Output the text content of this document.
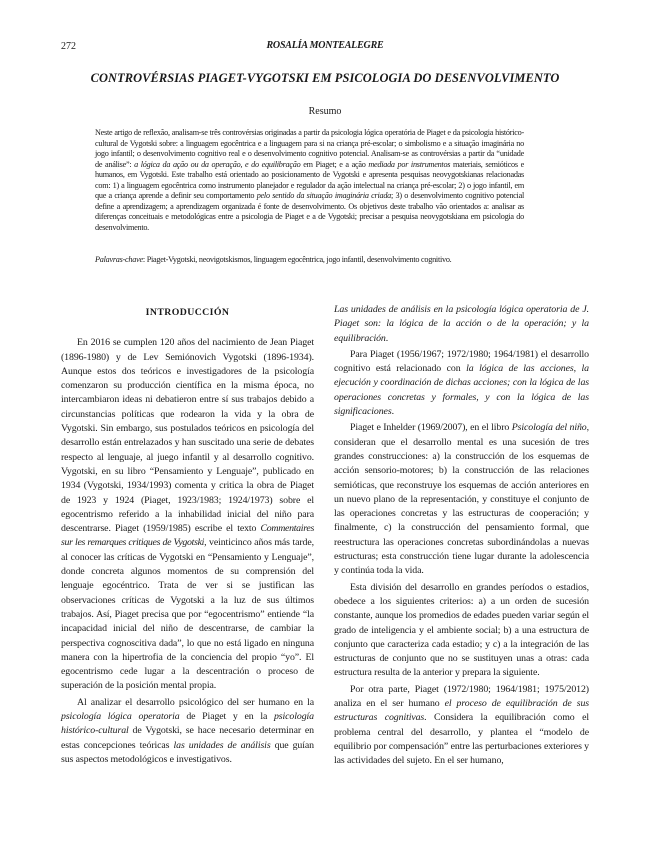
272	ROSALÍA MONTEALEGRE
CONTROVÉRSIAS PIAGET-VYGOTSKI EM PSICOLOGIA DO DESENVOLVIMENTO
Resumo

Neste artigo de reflexão, analisam-se três controvérsias originadas a partir da psicologia lógica operatória de Piaget e da psicologia histórico-cultural de Vygotski sobre: a linguagem egocêntrica e a linguagem para si na criança pré-escolar; o simbolismo e a situação imaginária no jogo infantil; o desenvolvimento cognitivo real e o desenvolvimento cognitivo potencial. Analisam-se as controvérsias a partir da “unidade de análise”: a lógica da ação ou da operação, e do equilibração em Piaget; e a ação mediada por instrumentos materiais, semióticos e humanos, em Vygotski. Este trabalho está orientado ao posicionamento de Vygotski e apresenta pesquisas neovygotskianas relacionadas com: 1) a linguagem egocêntrica como instrumento planejador e regulador da ação intelectual na criança pré-escolar; 2) o jogo infantil, em que a criança aprende a definir seu comportamento pelo sentido da situação imaginária criada; 3) o desenvolvimento cognitivo potencial define a aprendizagem; a aprendizagem organizada é fonte de desenvolvimento. Os objetivos deste trabalho vão orientados a: analisar as diferenças conceituais e metodológicas entre a psicologia de Piaget e a de Vygotski; precisar a pesquisa neovygotskiana em psicologia do desenvolvimento.

Palavras-chave: Piaget-Vygotski, neovigotskismos, linguagem egocêntrica, jogo infantil, desenvolvimento cognitivo.

INTRODUCCIÓN

En 2016 se cumplen 120 años del nacimiento de Jean Piaget (1896-1980) y de Lev Semiónovich Vygotski (1896-1934). Aunque estos dos teóricos e investigadores de la psicología comenzaron su producción científica en la misma época, no intercambiaron ideas ni debatieron entre sí sus trabajos debido a circunstancias políticas que rodearon la vida y la obra de Vygotski. Sin embargo, sus postulados teóricos en psicología del desarrollo están entrelazados y han suscitado una serie de debates respecto al lenguaje, al juego infantil y al desarrollo cognitivo. Vygotski, en su libro “Pensamiento y Lenguaje”, publicado en 1934 (Vygotski, 1934/1993) comenta y critica la obra de Piaget de 1923 y 1924 (Piaget, 1923/1983; 1924/1973) sobre el egocentrismo referido a la inhabilidad inicial del niño para descentrarse. Piaget (1959/1985) escribe el texto Commentaires sur les remarques critiques de Vygotski, veinticinco años más tarde, al conocer las críticas de Vygotski en “Pensamiento y Lenguaje”, donde concreta algunos momentos de su comprensión del lenguaje egocéntrico. Trata de ver si se justifican las observaciones críticas de Vygotski a la luz de sus últimos trabajos. Así, Piaget precisa que por “egocentrismo” entiende “la incapacidad inicial del niño de descentrarse, de cambiar la perspectiva cognoscitiva dada”, lo que no está ligado en ninguna manera con la hipertrofia de la conciencia del propio “yo”. El egocentrismo cede lugar a la descentración o proceso de superación de la posición mental propia.

Al analizar el desarrollo psicológico del ser humano en la psicología lógica operatoria de Piaget y en la psicología histórico-cultural de Vygotski, se hace necesario determinar en estas concepciones teóricas las unidades de análisis que guían sus aspectos metodológicos e investigativos.

Las unidades de análisis en la psicología lógica operatoria de J. Piaget son: la lógica de la acción o de la operación; y la equilibración.

Para Piaget (1956/1967; 1972/1980; 1964/1981) el desarrollo cognitivo está relacionado con la lógica de las acciones, la ejecución y coordinación de dichas acciones; con la lógica de las operaciones concretas y formales, y con la lógica de las significaciones.

Piaget e Inhelder (1969/2007), en el libro Psicología del niño, consideran que el desarrollo mental es una sucesión de tres grandes construcciones: a) la construcción de los esquemas de acción sensorio-motores; b) la construcción de las relaciones semióticas, que reconstruye los esquemas de acción anteriores en un nuevo plano de la representación, y constituye el conjunto de las operaciones concretas y las estructuras de cooperación; y finalmente, c) la construcción del pensamiento formal, que reestructura las operaciones concretas subordinándolas a nuevas estructuras; esta construcción tiene lugar durante la adolescencia y continúa toda la vida.

Esta división del desarrollo en grandes períodos o estadios, obedece a los siguientes criterios: a) a un orden de sucesión constante, aunque los promedios de edades pueden variar según el grado de inteligencia y el ambiente social; b) a una estructura de conjunto que caracteriza cada estadio; y c) a la integración de las estructuras de conjunto que no se sustituyen unas a otras: cada estructura resulta de la anterior y prepara la siguiente.

Por otra parte, Piaget (1972/1980; 1964/1981; 1975/2012) analiza en el ser humano el proceso de equilibración de sus estructuras cognitivas. Considera la equilibración como el problema central del desarrollo, y plantea el “modelo de equilibrio por compensación” entre las perturbaciones exteriores y las actividades del sujeto. En el ser humano,
